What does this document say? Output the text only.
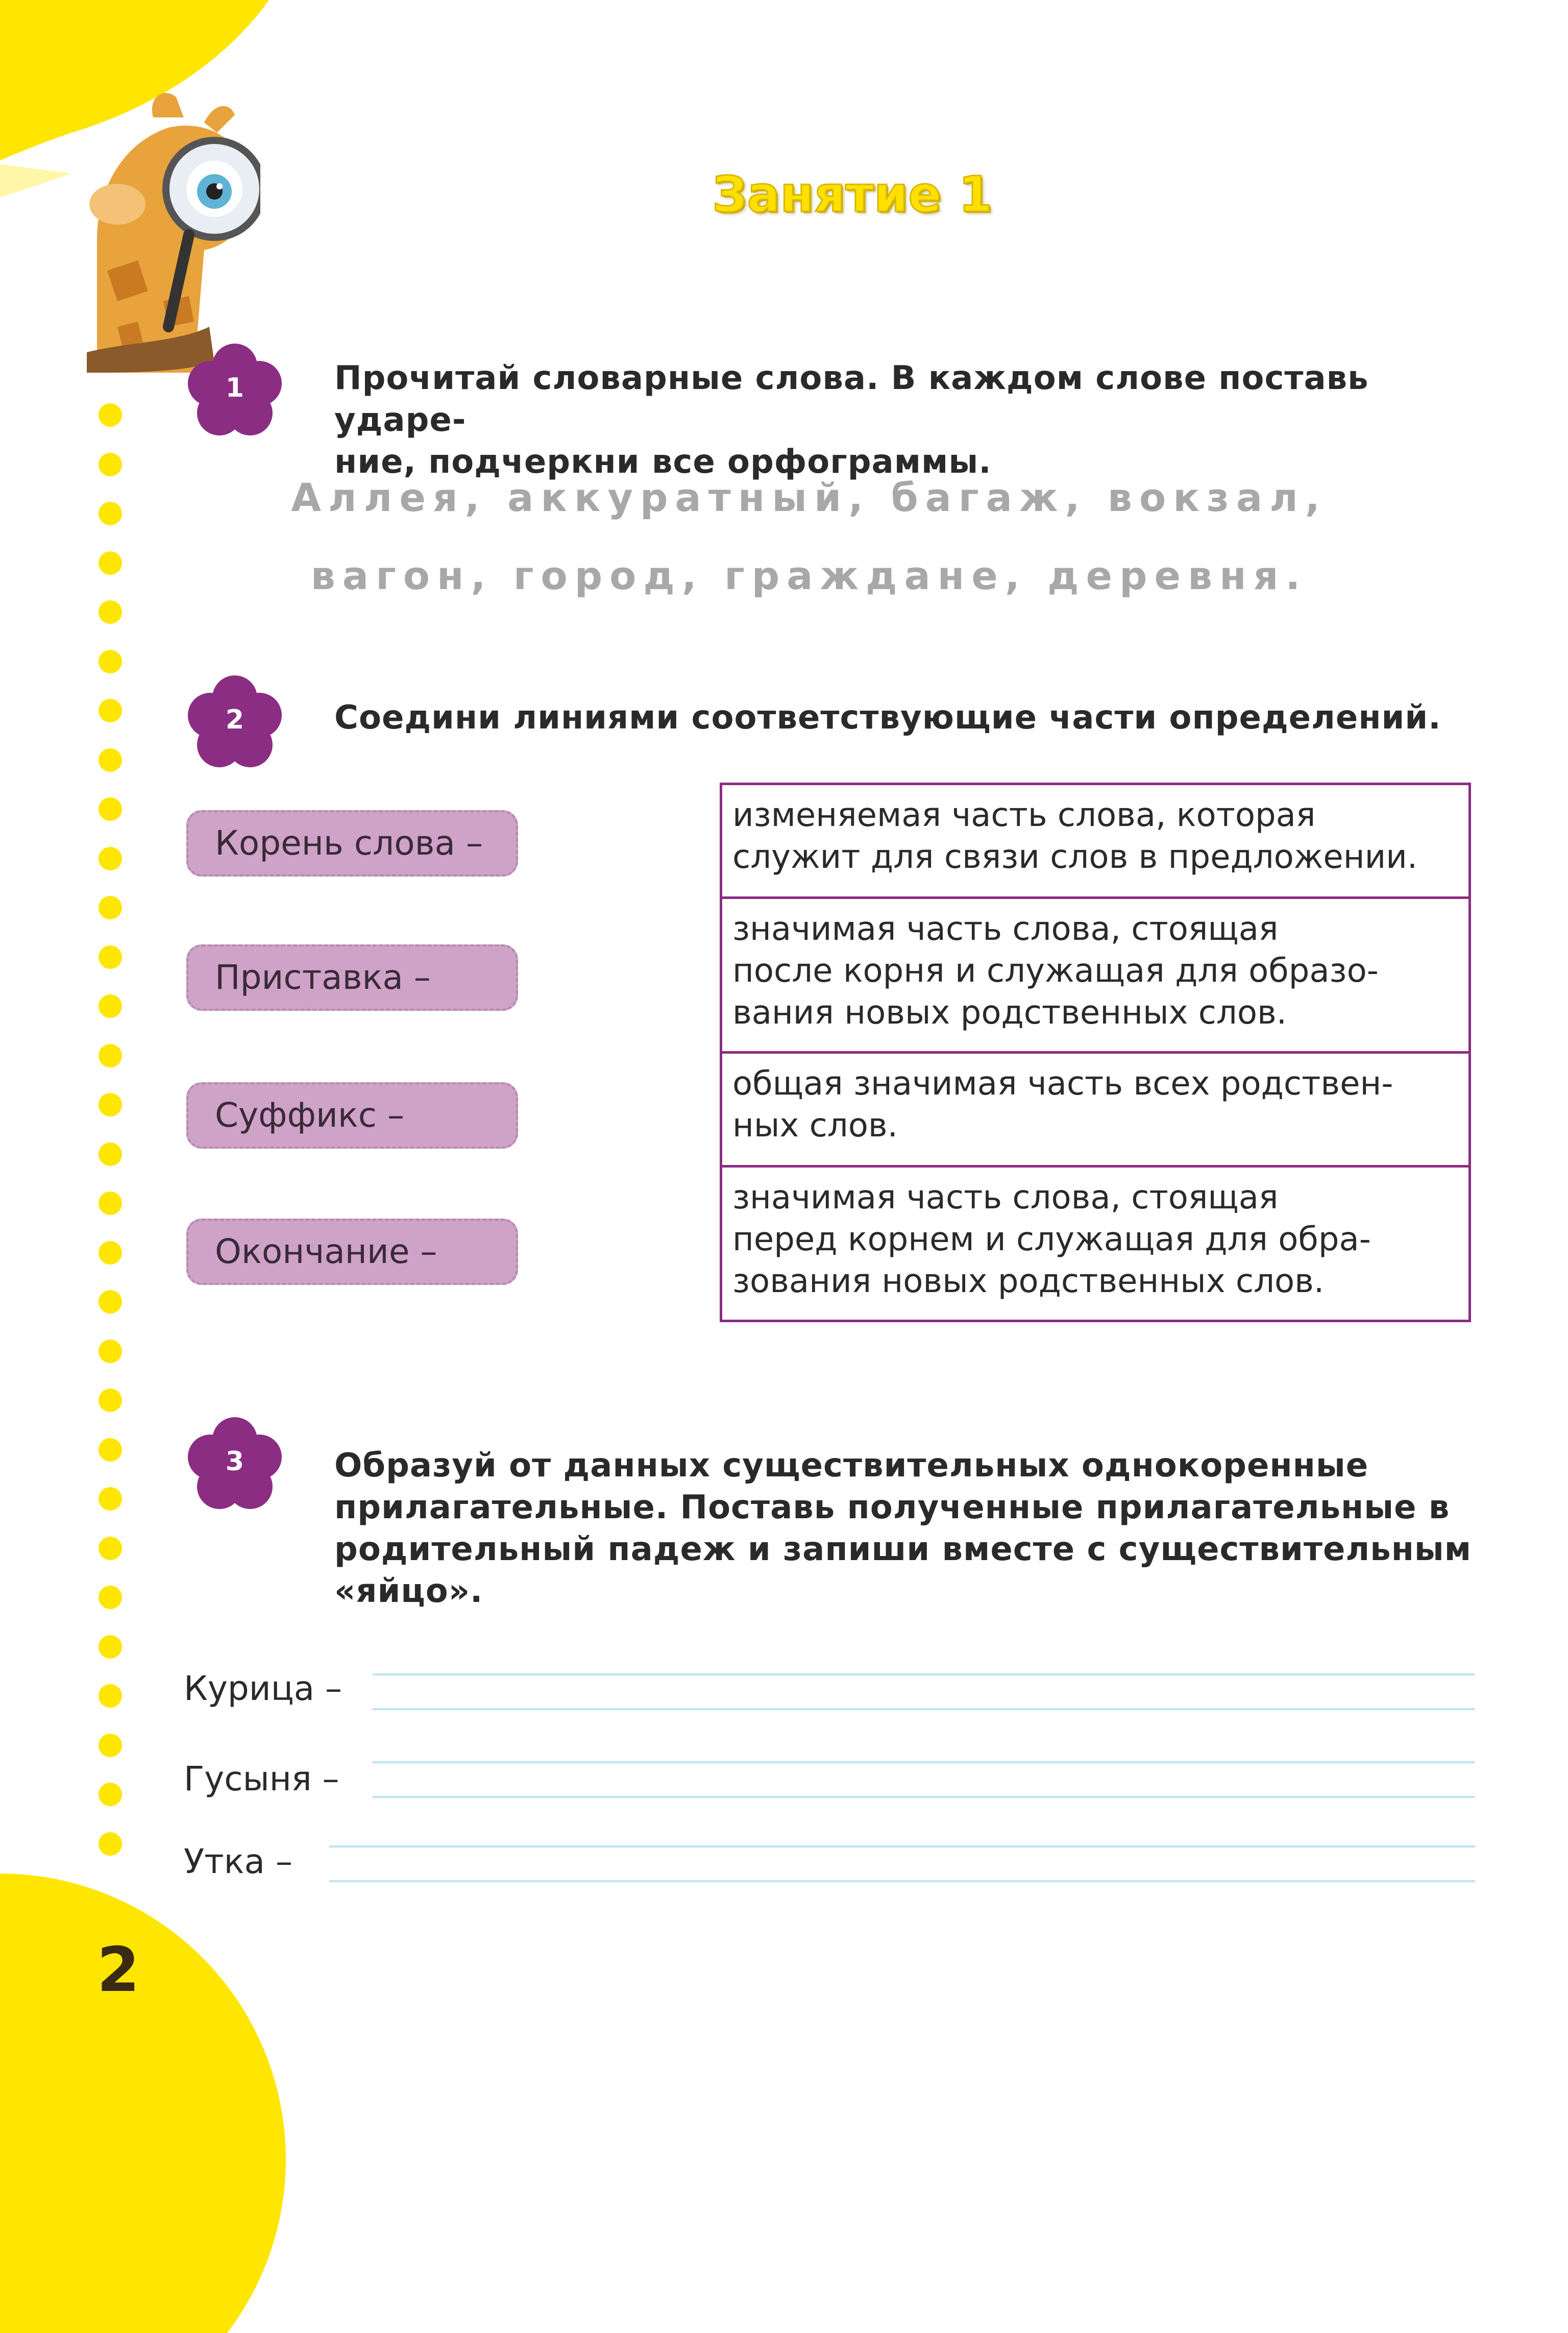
Занятие 1
1	Прочитай словарные слова. В каждом слове поставь ударе-
ние, подчеркни все орфограммы.
Аллея, аккуратный, багаж, вокзал,
вагон, город, граждане, деревня.
2	Соедини линиями соответствующие части определений.
Корень слова –
Приставка –
Суффикс –
Окончание –
изменяемая часть слова, которая
служит для связи слов в предложении.
значимая часть слова, стоящая
после корня и служащая для образо-
вания новых родственных слов.
общая значимая часть всех родствен-
ных слов.
значимая часть слова, стоящая
перед корнем и служащая для обра-
зования новых родственных слов.
3	Образуй от данных существительных однокоренные
прилагательные. Поставь полученные прилагательные в
родительный падеж и запиши вместе с существительным
«яйцо».
Курица –
Гусыня –
Утка –
2
